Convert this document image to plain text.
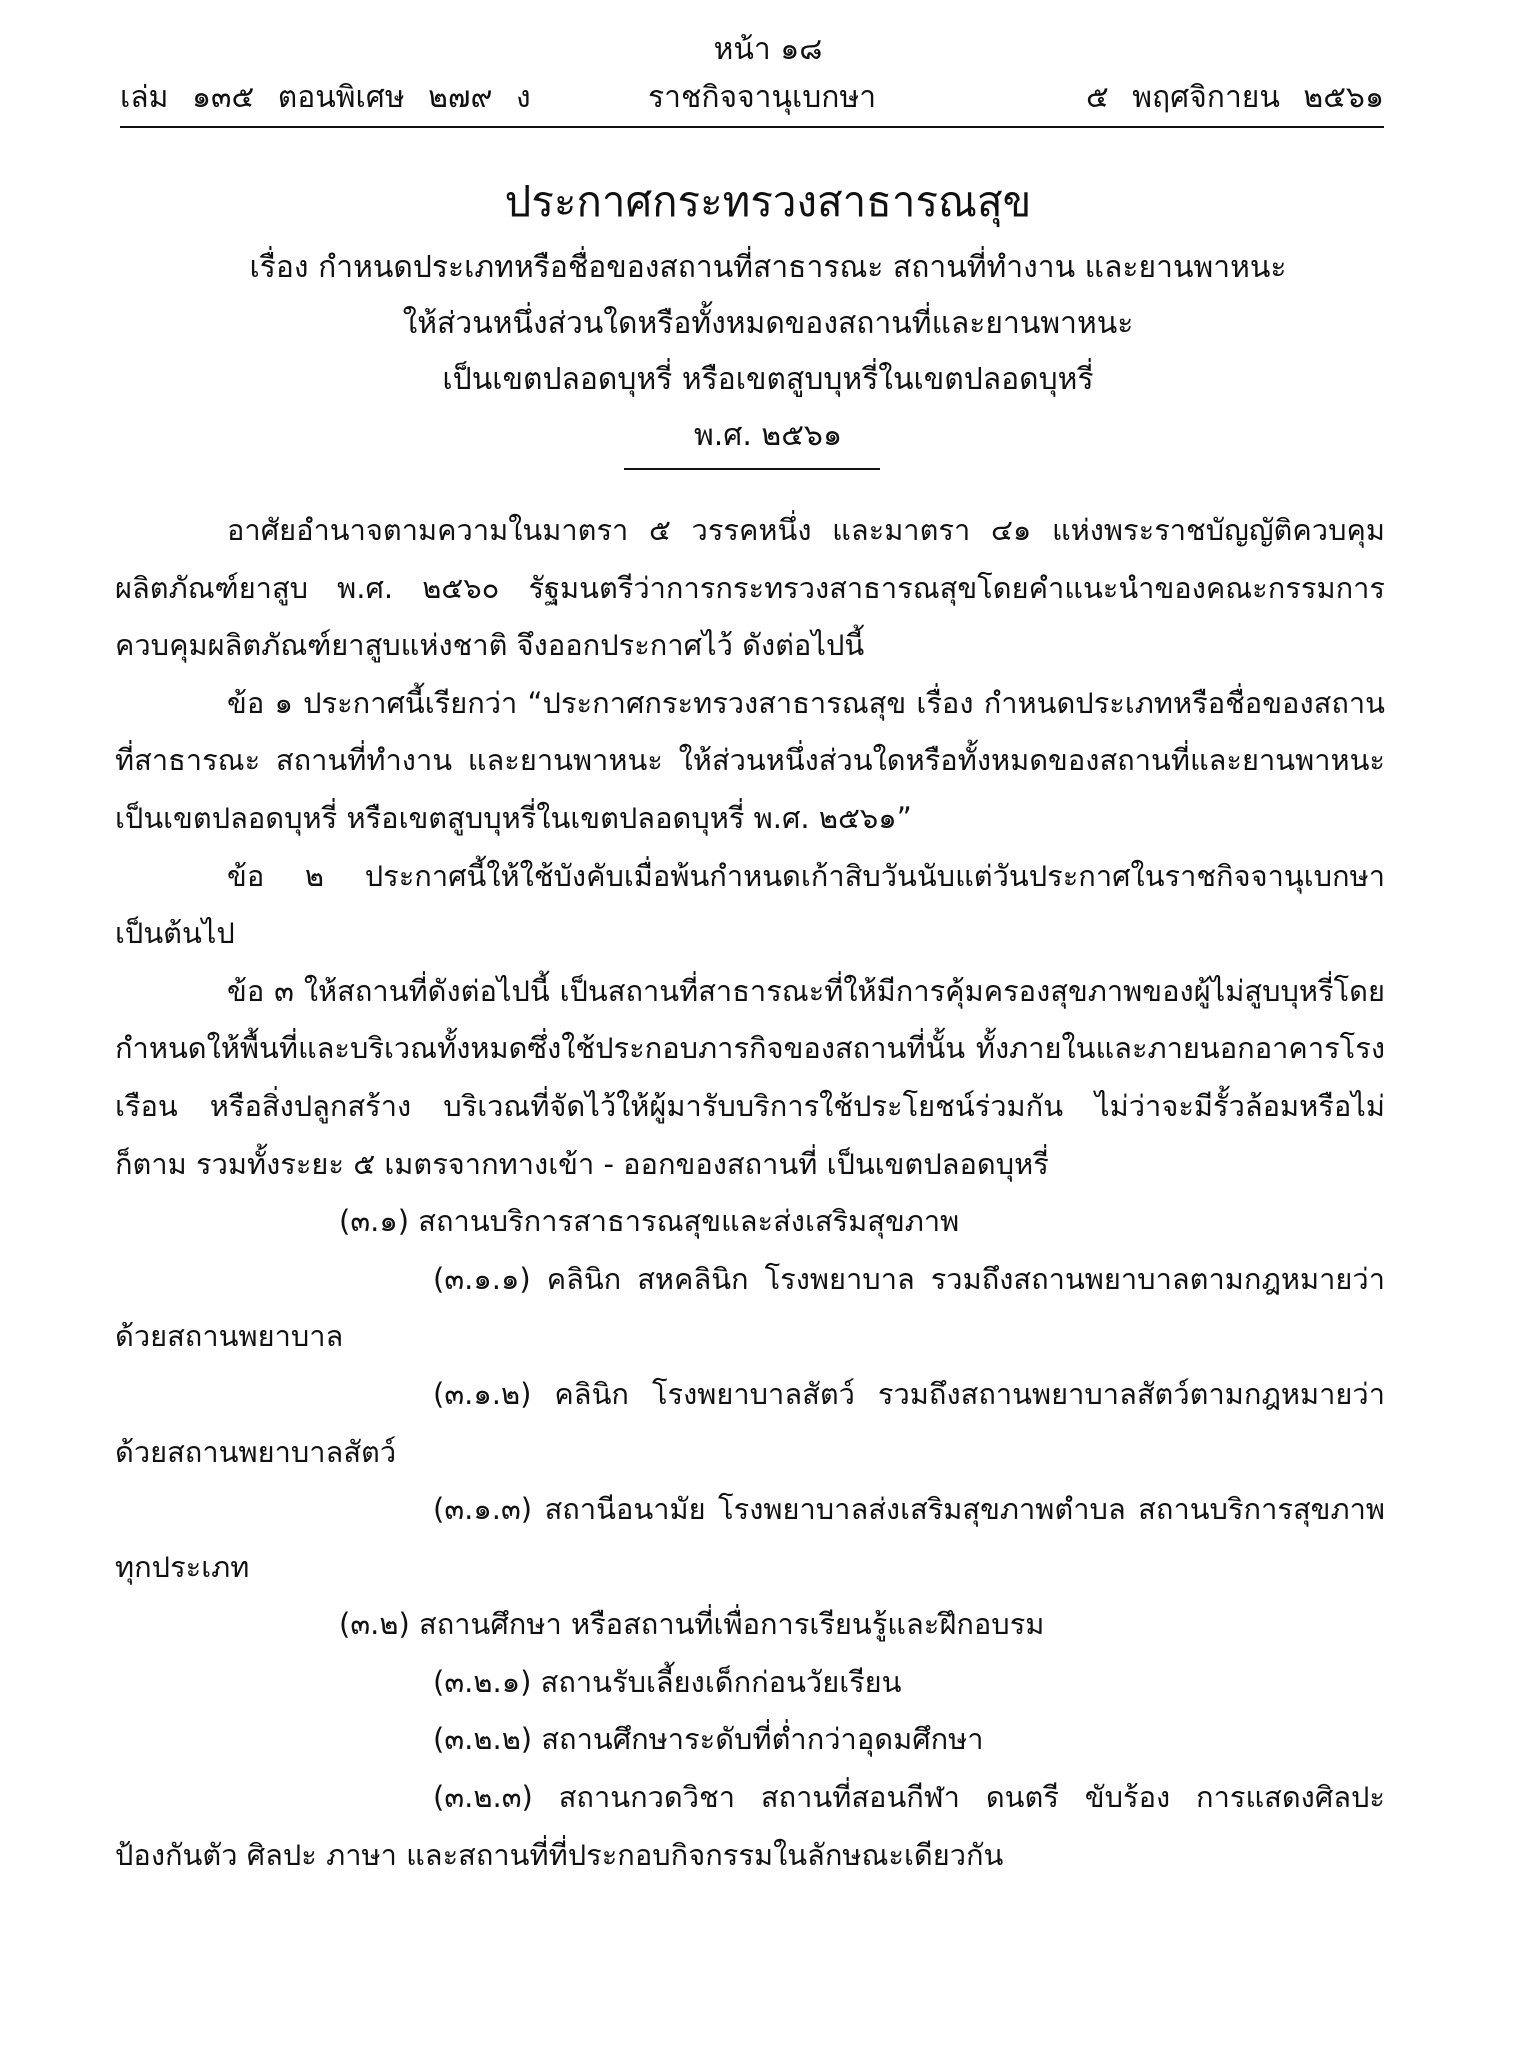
หน้า ๑๘
เล่ม ๑๓๕ ตอนพิเศษ ๒๗๙ ง	ราชกิจจานุเบกษา	๕ พฤศจิกายน ๒๕๖๑
ประกาศกระทรวงสาธารณสุข
เรื่อง กำหนดประเภทหรือชื่อของสถานที่สาธารณะ สถานที่ทำงาน และยานพาหนะ
ให้ส่วนหนึ่งส่วนใดหรือทั้งหมดของสถานที่และยานพาหนะ
เป็นเขตปลอดบุหรี่ หรือเขตสูบบุหรี่ในเขตปลอดบุหรี่
พ.ศ. ๒๕๖๑

อาศัยอำนาจตามความในมาตรา ๕ วรรคหนึ่ง และมาตรา ๔๑ แห่งพระราชบัญญัติควบคุมผลิตภัณฑ์ยาสูบ พ.ศ. ๒๕๖๐ รัฐมนตรีว่าการกระทรวงสาธารณสุขโดยคำแนะนำของคณะกรรมการควบคุมผลิตภัณฑ์ยาสูบแห่งชาติ จึงออกประกาศไว้ ดังต่อไปนี้

ข้อ ๑ ประกาศนี้เรียกว่า “ประกาศกระทรวงสาธารณสุข เรื่อง กำหนดประเภทหรือชื่อของสถานที่สาธารณะ สถานที่ทำงาน และยานพาหนะ ให้ส่วนหนึ่งส่วนใดหรือทั้งหมดของสถานที่และยานพาหนะเป็นเขตปลอดบุหรี่ หรือเขตสูบบุหรี่ในเขตปลอดบุหรี่ พ.ศ. ๒๕๖๑”

ข้อ ๒ ประกาศนี้ให้ใช้บังคับเมื่อพ้นกำหนดเก้าสิบวันนับแต่วันประกาศในราชกิจจานุเบกษาเป็นต้นไป

ข้อ ๓ ให้สถานที่ดังต่อไปนี้ เป็นสถานที่สาธารณะที่ให้มีการคุ้มครองสุขภาพของผู้ไม่สูบบุหรี่โดยกำหนดให้พื้นที่และบริเวณทั้งหมดซึ่งใช้ประกอบภารกิจของสถานที่นั้น ทั้งภายในและภายนอกอาคารโรงเรือน หรือสิ่งปลูกสร้าง บริเวณที่จัดไว้ให้ผู้มารับบริการใช้ประโยชน์ร่วมกัน ไม่ว่าจะมีรั้วล้อมหรือไม่ก็ตาม รวมทั้งระยะ ๕ เมตรจากทางเข้า - ออกของสถานที่ เป็นเขตปลอดบุหรี่

(๓.๑) สถานบริการสาธารณสุขและส่งเสริมสุขภาพ

(๓.๑.๑) คลินิก สหคลินิก โรงพยาบาล รวมถึงสถานพยาบาลตามกฎหมายว่าด้วยสถานพยาบาล

(๓.๑.๒) คลินิก โรงพยาบาลสัตว์ รวมถึงสถานพยาบาลสัตว์ตามกฎหมายว่าด้วยสถานพยาบาลสัตว์

(๓.๑.๓) สถานีอนามัย โรงพยาบาลส่งเสริมสุขภาพตำบล สถานบริการสุขภาพทุกประเภท

(๓.๒) สถานศึกษา หรือสถานที่เพื่อการเรียนรู้และฝึกอบรม

(๓.๒.๑) สถานรับเลี้ยงเด็กก่อนวัยเรียน

(๓.๒.๒) สถานศึกษาระดับที่ต่ำกว่าอุดมศึกษา

(๓.๒.๓) สถานกวดวิชา สถานที่สอนกีฬา ดนตรี ขับร้อง การแสดงศิลปะป้องกันตัว ศิลปะ ภาษา และสถานที่ที่ประกอบกิจกรรมในลักษณะเดียวกัน
